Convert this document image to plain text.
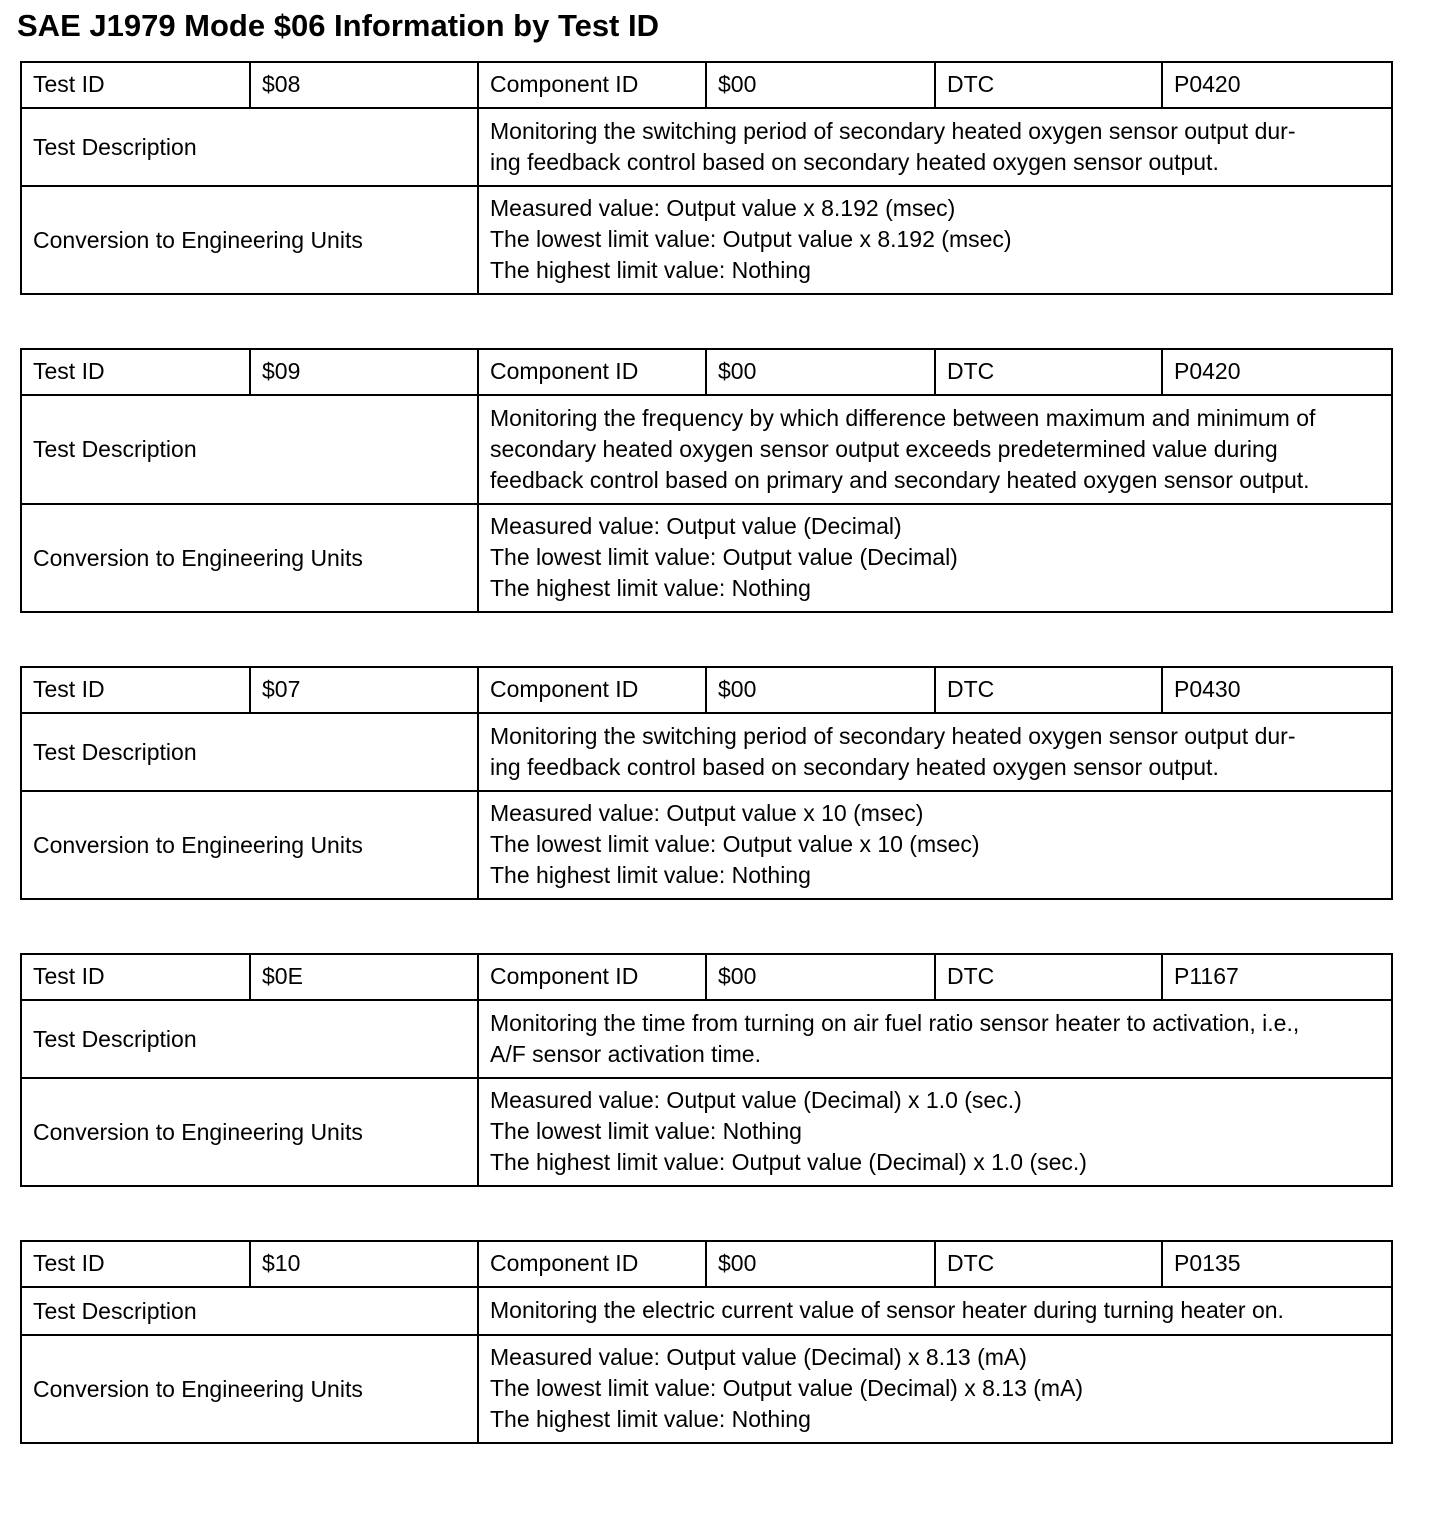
SAE J1979 Mode $06 Information by Test ID
Test ID	$08	Component ID	$00	DTC	P0420
Test Description		Monitoring the switching period of secondary heated oxygen sensor output dur-
ing feedback control based on secondary heated oxygen sensor output.			

Conversion to Engineering Units		Measured value: Output value x 8.192 (msec)
The lowest limit value: Output value x 8.192 (msec)
The highest limit value: Nothing			
Test ID	$09	Component ID	$00	DTC	P0420
Test Description		Monitoring the frequency by which difference between maximum and minimum of
secondary heated oxygen sensor output exceeds predetermined value during
feedback control based on primary and secondary heated oxygen sensor output.			

Conversion to Engineering Units		Measured value: Output value (Decimal)
The lowest limit value: Output value (Decimal)
The highest limit value: Nothing			
Test ID	$07	Component ID	$00	DTC	P0430
Test Description		Monitoring the switching period of secondary heated oxygen sensor output dur-
ing feedback control based on secondary heated oxygen sensor output.			

Conversion to Engineering Units		Measured value: Output value x 10 (msec)
The lowest limit value: Output value x 10 (msec)
The highest limit value: Nothing			
Test ID	$0E	Component ID	$00	DTC	P1167
Test Description		Monitoring the time from turning on air fuel ratio sensor heater to activation, i.e.,
A/F sensor activation time.			

Conversion to Engineering Units		Measured value: Output value (Decimal) x 1.0 (sec.)
The lowest limit value: Nothing
The highest limit value: Output value (Decimal) x 1.0 (sec.)			
Test ID	$10	Component ID	$00	DTC	P0135
Test Description		Monitoring the electric current value of sensor heater during turning heater on.			

Conversion to Engineering Units		Measured value: Output value (Decimal) x 8.13 (mA)
The lowest limit value: Output value (Decimal) x 8.13 (mA)
The highest limit value: Nothing			
